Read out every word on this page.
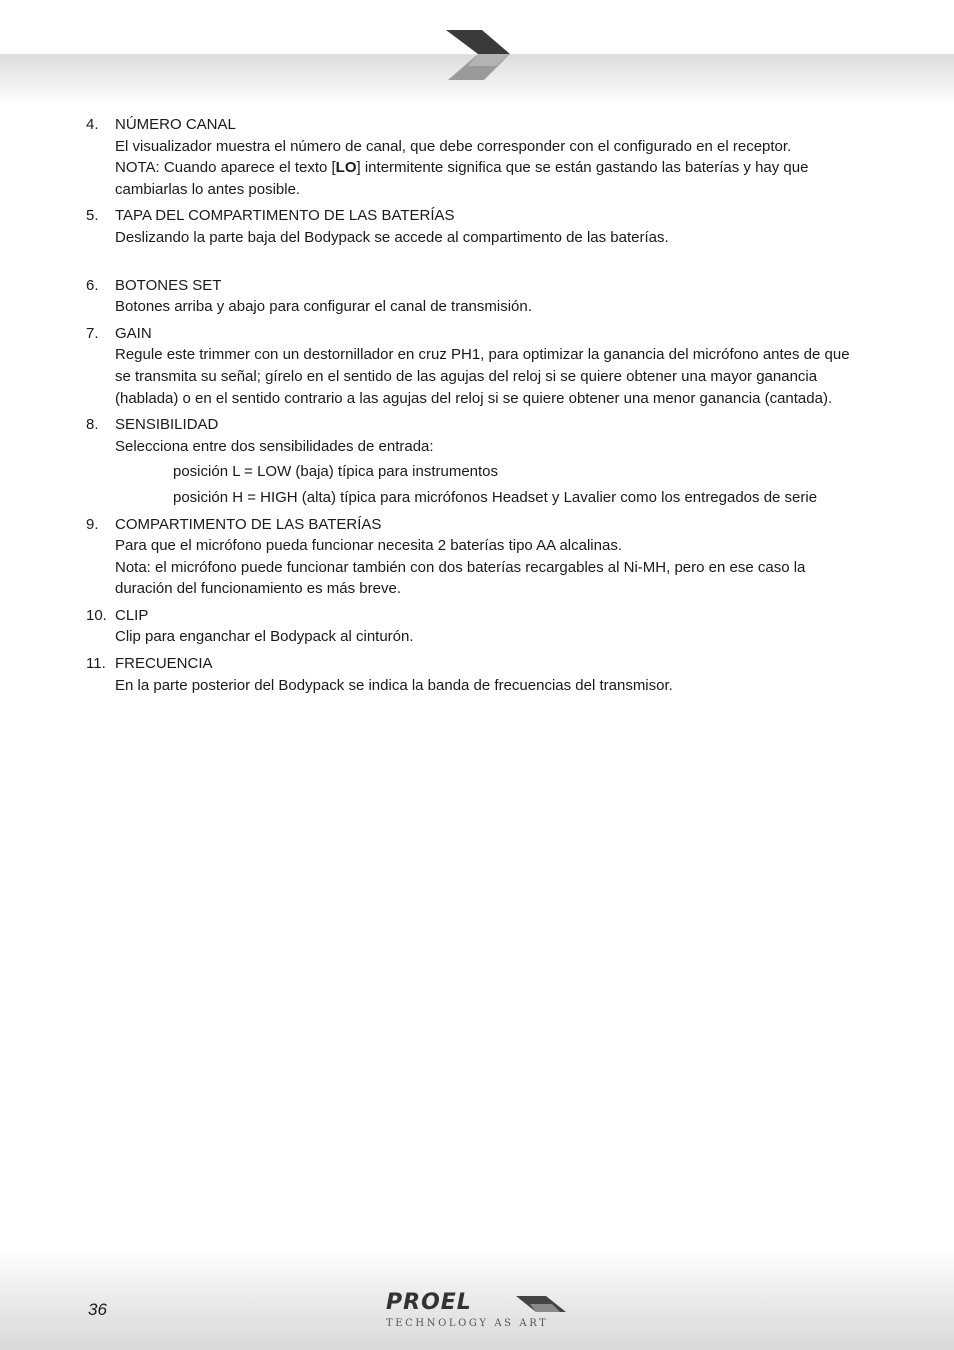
4.	NÚMERO CANAL
El visualizador muestra el número de canal, que debe corresponder con el configurado en el receptor.
NOTA: Cuando aparece el texto [LO] intermitente significa que se están gastando las baterías y hay que cambiarlas lo antes posible.
5.	TAPA DEL COMPARTIMENTO DE LAS BATERÍAS
Deslizando la parte baja del Bodypack se accede al compartimento de las baterías.
6.	BOTONES SET
Botones arriba y abajo para configurar el canal de transmisión.
7.	GAIN
Regule este trimmer con un destornillador en cruz PH1, para optimizar la ganancia del micrófono antes de que se transmita su señal; gírelo en el sentido de las agujas del reloj si se quiere obtener una mayor ganancia (hablada) o en el sentido contrario a las agujas del reloj si se quiere obtener una menor ganancia (cantada).
8.	SENSIBILIDAD
Selecciona entre dos sensibilidades de entrada:
posición L = LOW (baja) típica para instrumentos
posición H = HIGH (alta) típica para micrófonos Headset y Lavalier como los entregados de serie
9.	COMPARTIMENTO DE LAS BATERÍAS
Para que el micrófono pueda funcionar necesita 2 baterías tipo AA alcalinas.
Nota: el micrófono puede funcionar también con dos baterías recargables al Ni-MH, pero en ese caso la duración del funcionamiento es más breve.
10. CLIP
Clip para enganchar el Bodypack al cinturón.
11. FRECUENCIA
En la parte posterior del Bodypack se indica la banda de frecuencias del transmisor.
36	PROEL
TECHNOLOGY AS ART
